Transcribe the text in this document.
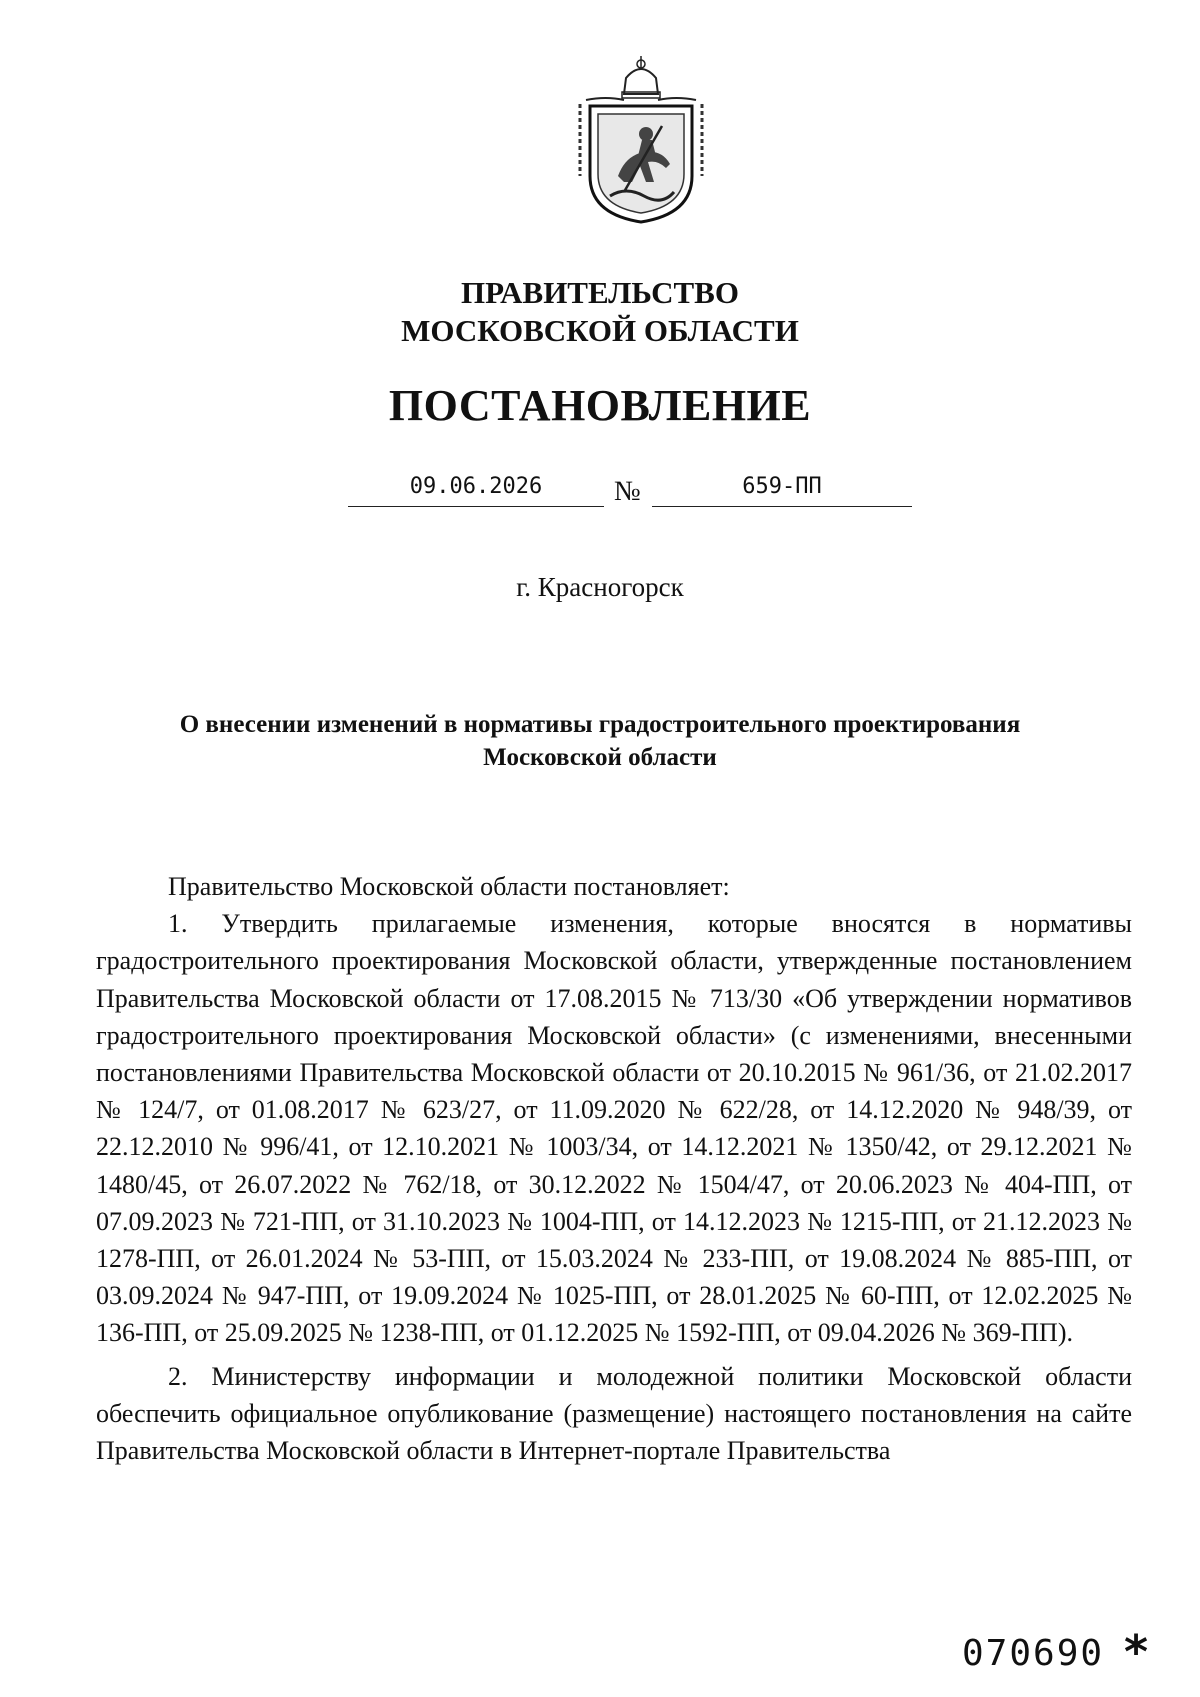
ПРАВИТЕЛЬСТВО
МОСКОВСКОЙ ОБЛАСТИ
ПОСТАНОВЛЕНИЕ
09.06.2026	№	659-ПП
г. Красногорск
О внесении изменений в нормативы градостроительного проектирования
Московской области

Правительство Московской области постановляет:

1. Утвердить прилагаемые изменения, которые вносятся в нормативы градостроительного проектирования Московской области, утвержденные постановлением Правительства Московской области от 17.08.2015 № 713/30 «Об утверждении нормативов градостроительного проектирования Московской области» (с изменениями, внесенными постановлениями Правительства Московской области от 20.10.2015 № 961/36, от 21.02.2017 № 124/7, от 01.08.2017 № 623/27, от 11.09.2020 № 622/28, от 14.12.2020 № 948/39, от 22.12.2010 № 996/41, от 12.10.2021 № 1003/34, от 14.12.2021 № 1350/42, от 29.12.2021 № 1480/45, от 26.07.2022 № 762/18, от 30.12.2022 № 1504/47, от 20.06.2023 № 404-ПП, от 07.09.2023 № 721-ПП, от 31.10.2023 № 1004-ПП, от 14.12.2023 № 1215-ПП, от 21.12.2023 № 1278-ПП, от 26.01.2024 № 53-ПП, от 15.03.2024 № 233-ПП, от 19.08.2024 № 885-ПП, от 03.09.2024 № 947-ПП, от 19.09.2024 № 1025-ПП, от 28.01.2025 № 60-ПП, от 12.02.2025 № 136-ПП, от 25.09.2025 № 1238-ПП, от 01.12.2025 № 1592-ПП, от 09.04.2026 № 369-ПП).

2. Министерству информации и молодежной политики Московской области обеспечить официальное опубликование (размещение) настоящего постановления на сайте Правительства Московской области в Интернет-портале Правительства

070690 *
